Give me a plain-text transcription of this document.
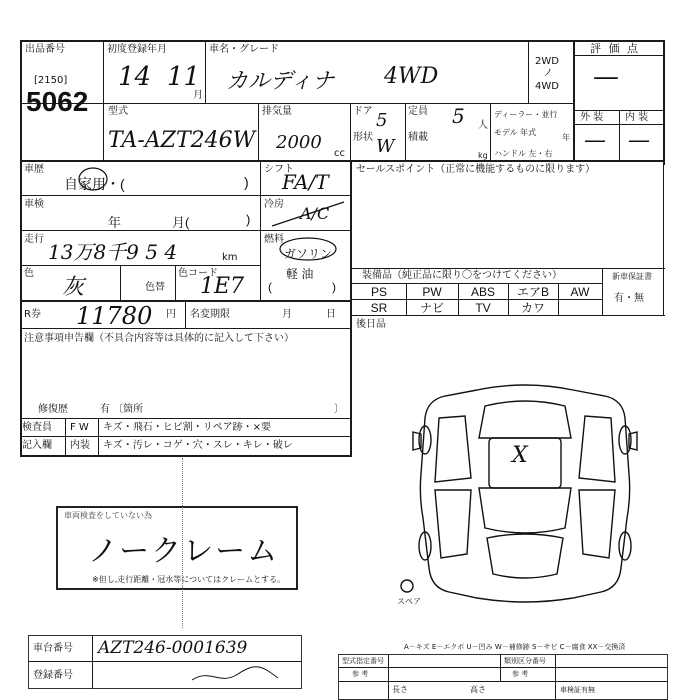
出品番号
[2150]
5062
初度登録年月
14 11
月
車名・グレード
カルディナ 4WD
2WD
ノ
4WD
型式
TA-AZT246W
排気量
2000
cc
ドア 5
形状 W
定員 5 人
積載
kg
ディーラー・並行
モデル 年式
年
ハンドル 左・右
評 価 点
—
外 装 内 装
— —
車歴
自家用・(	)
車検
年	月(	)
走行
13万8千9 5 4	km
色
灰	色替
色コード
1E7
シフト
FA/T
冷房 A/C
燃料
ガソリン
軽 油
(	)
R券 11780 円 名変期限	月	日
注意事項申告欄（不具合内容等は具体的に記入して下さい）
修復歴	有 〔箇所	〕
検査員
記入欄
F W キズ・飛石・ヒビ割・リペア跡・×要
内装 キズ・汚レ・コゲ・穴・スレ・キレ・破レ
車両検査をしていない為
ノークレーム
※但し,走行距離・冠水等についてはクレームとする。
セールスポイント（正常に機能するものに限ります）
装備品（純正品に限り〇をつけてください）	新車保証書
有・無
PS	PW	ABS	エアB	AW
SR	ナビ	TV	カワ
後日品
X
スペア
A－キズ E－エクボ U－凹み W－補修跡 S－サビ C－腐食 XX－交換済
車台番号 AZT246-0001639
登録番号
型式指定番号
参 考
類別区分番号
参 考
長さ	高さ	車検証有無
